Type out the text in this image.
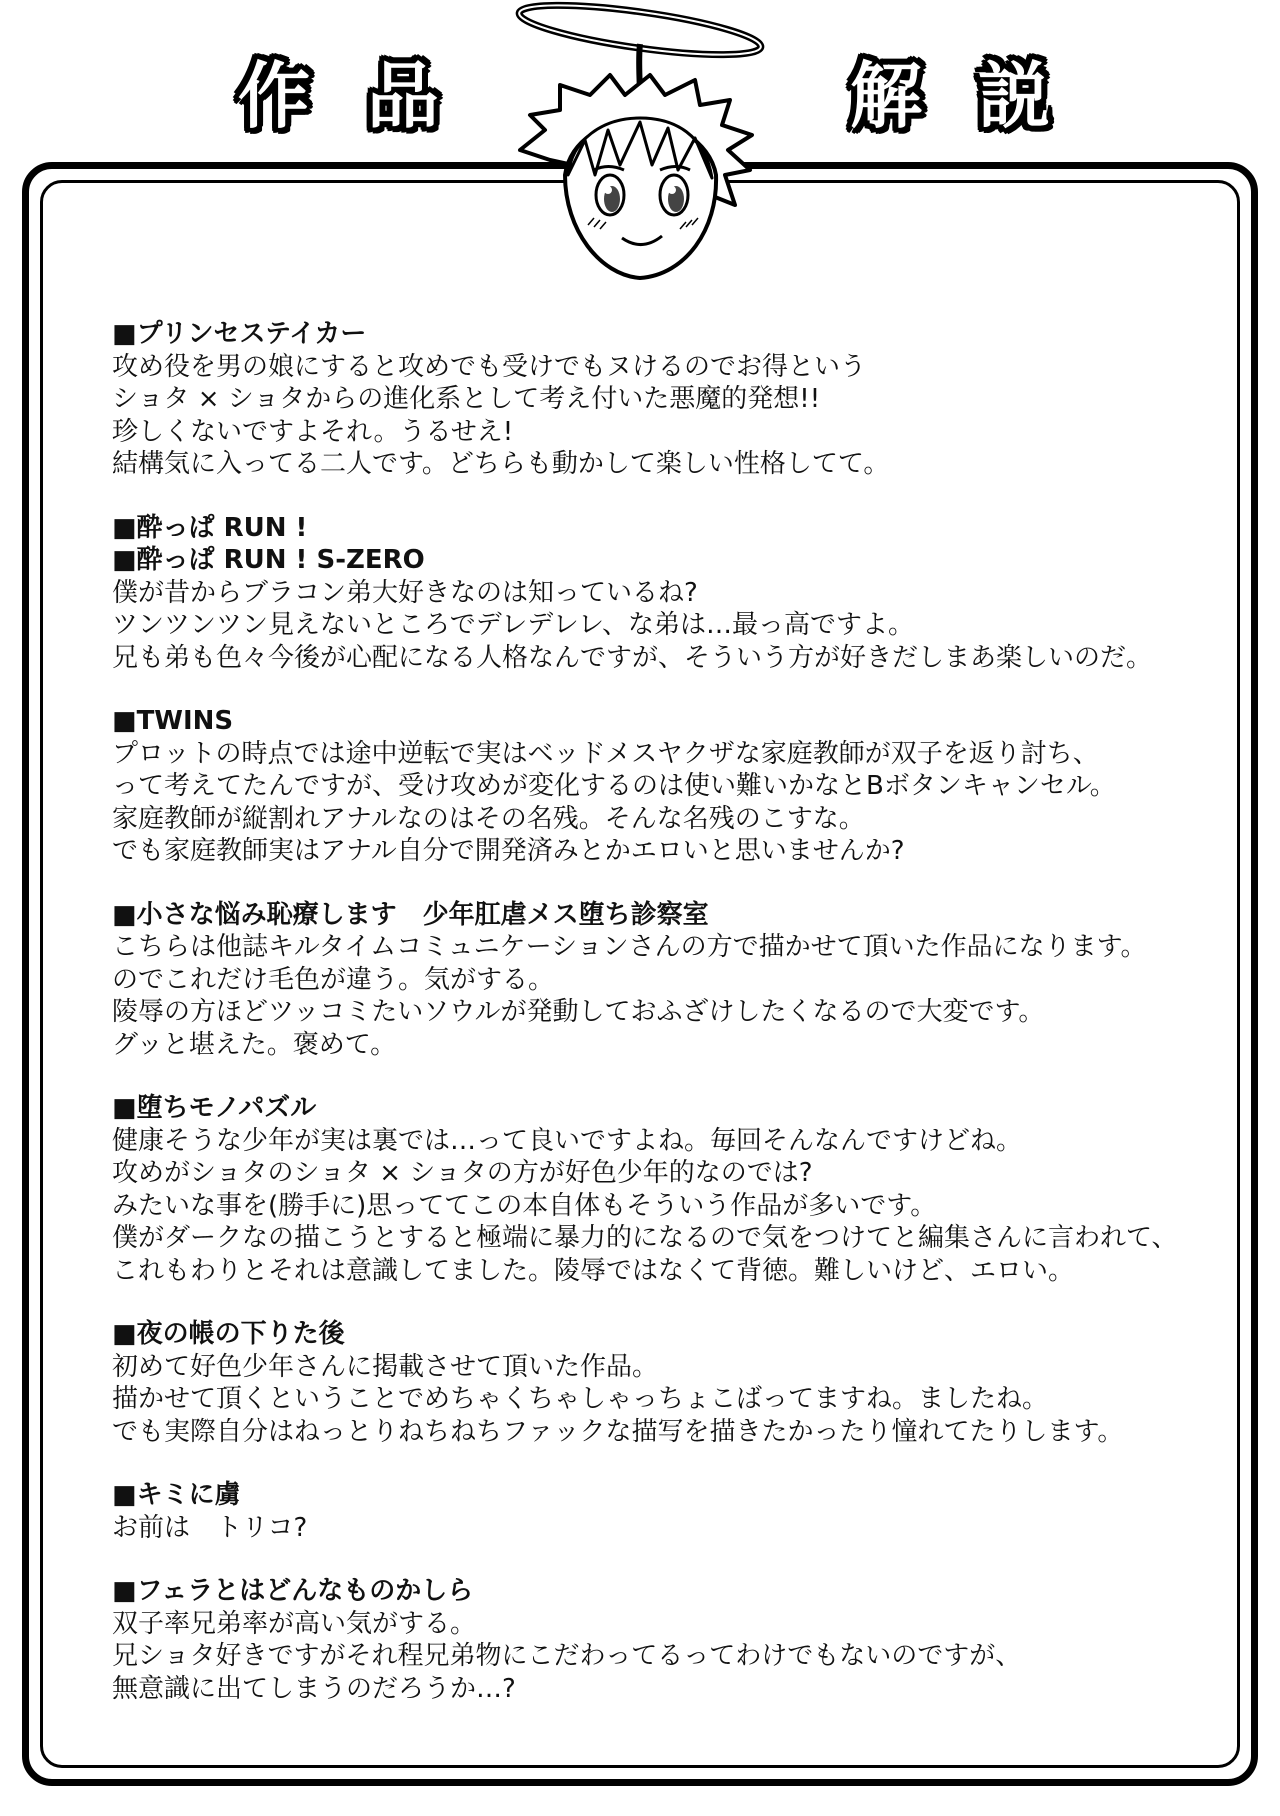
作 品	解 説
■プリンセステイカー
攻め役を男の娘にすると攻めでも受けでもヌけるのでお得という
ショタ × ショタからの進化系として考え付いた悪魔的発想!!
珍しくないですよそれ。うるせえ!
結構気に入ってる二人です。どちらも動かして楽しい性格してて。
■酔っぱ RUN !
■酔っぱ RUN ! S-ZERO
僕が昔からブラコン弟大好きなのは知っているね?
ツンツンツン見えないところでデレデレレ、な弟は…最っ高ですよ。
兄も弟も色々今後が心配になる人格なんですが、そういう方が好きだしまあ楽しいのだ。
■TWINS
プロットの時点では途中逆転で実はベッドメスヤクザな家庭教師が双子を返り討ち、
って考えてたんですが、受け攻めが変化するのは使い難いかなとBボタンキャンセル。
家庭教師が縦割れアナルなのはその名残。そんな名残のこすな。
でも家庭教師実はアナル自分で開発済みとかエロいと思いませんか?
■小さな悩み恥療します　少年肛虐メス堕ち診察室
こちらは他誌キルタイムコミュニケーションさんの方で描かせて頂いた作品になります。
のでこれだけ毛色が違う。気がする。
陵辱の方ほどツッコミたいソウルが発動しておふざけしたくなるので大変です。
グッと堪えた。褒めて。
■堕ちモノパズル
健康そうな少年が実は裏では…って良いですよね。毎回そんなんですけどね。
攻めがショタのショタ × ショタの方が好色少年的なのでは?
みたいな事を(勝手に)思っててこの本自体もそういう作品が多いです。
僕がダークなの描こうとすると極端に暴力的になるので気をつけてと編集さんに言われて、
これもわりとそれは意識してました。陵辱ではなくて背徳。難しいけど、エロい。
■夜の帳の下りた後
初めて好色少年さんに掲載させて頂いた作品。
描かせて頂くということでめちゃくちゃしゃっちょこばってますね。ましたね。
でも実際自分はねっとりねちねちファックな描写を描きたかったり憧れてたりします。
■キミに虜
お前は　トリコ?
■フェラとはどんなものかしら
双子率兄弟率が高い気がする。
兄ショタ好きですがそれ程兄弟物にこだわってるってわけでもないのですが、
無意識に出てしまうのだろうか…?
